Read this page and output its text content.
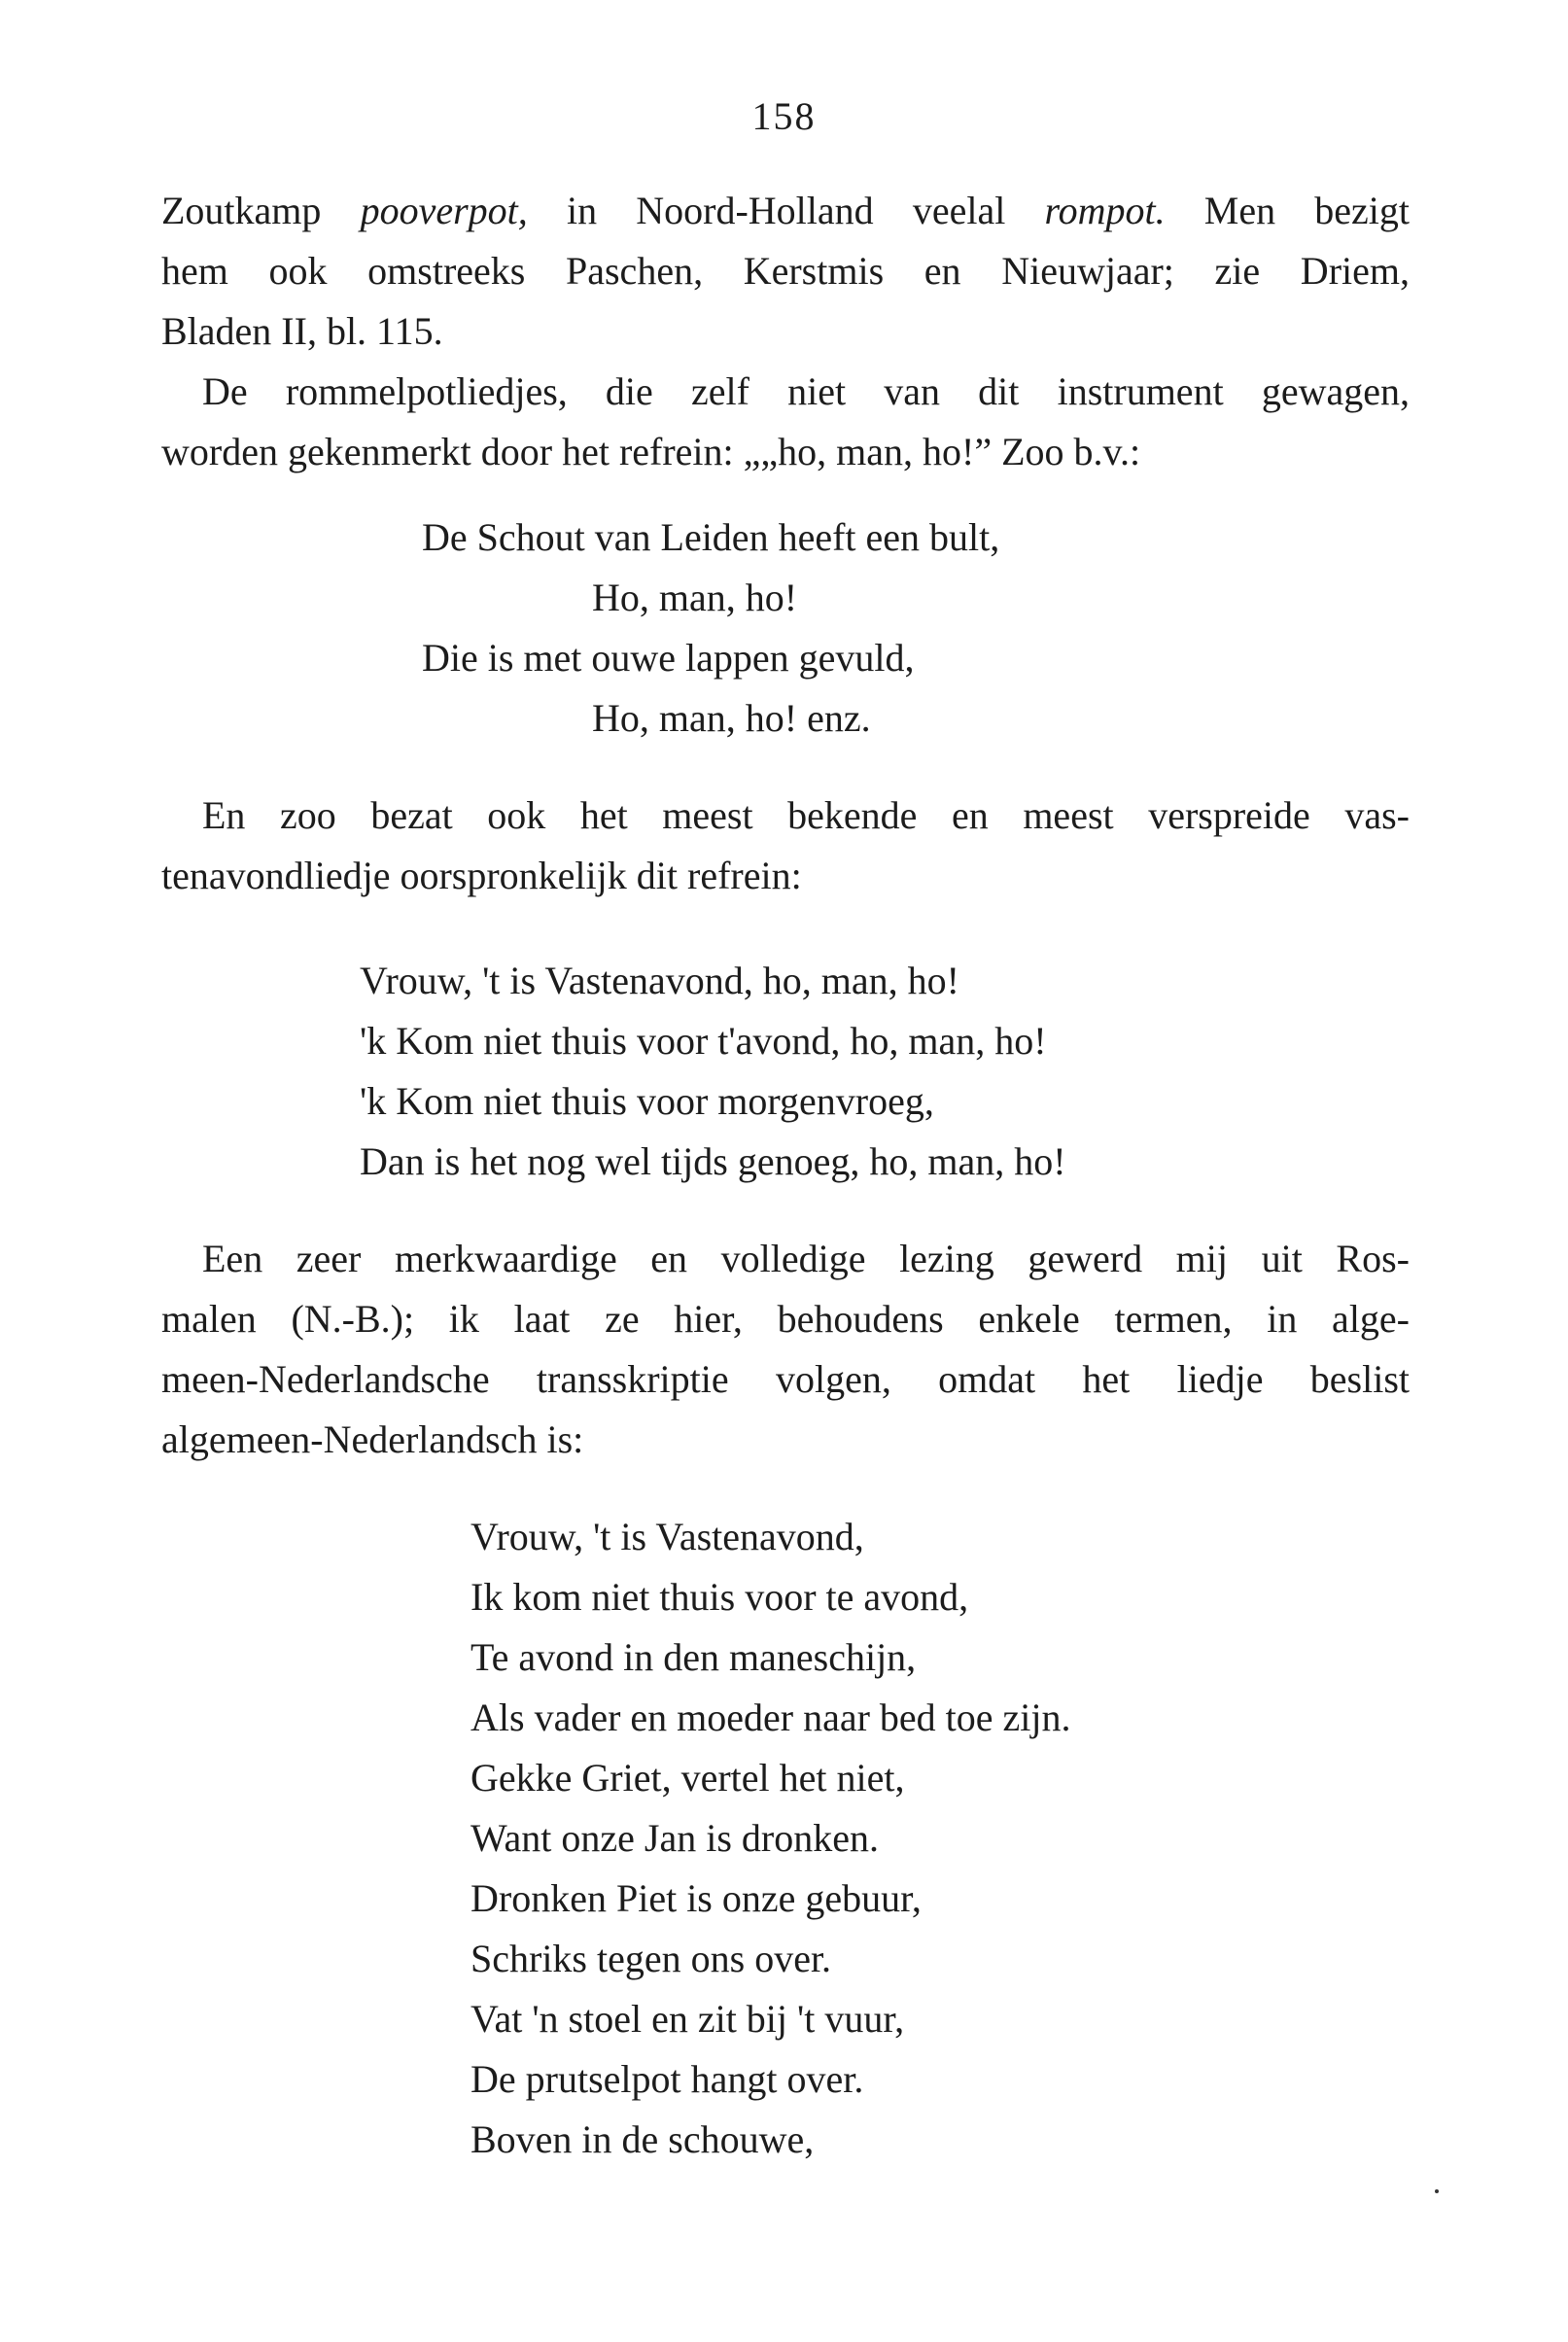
158
Zoutkamp pooverpot, in Noord-Holland veelal rompot. Men bezigt
hem ook omstreeks Paschen, Kerstmis en Nieuwjaar; zie Driem,
Bladen II, bl. 115.
De rommelpotliedjes, die zelf niet van dit instrument gewagen,
worden gekenmerkt door het refrein: „„ho, man, ho!” Zoo b.v.:
De Schout van Leiden heeft een bult,
Ho, man, ho!
Die is met ouwe lappen gevuld,
Ho, man, ho! enz.
En zoo bezat ook het meest bekende en meest verspreide vas-
tenavondliedje oorspronkelijk dit refrein:
Vrouw, 't is Vastenavond, ho, man, ho!
'k Kom niet thuis voor t'avond, ho, man, ho!
'k Kom niet thuis voor morgenvroeg,
Dan is het nog wel tijds genoeg, ho, man, ho!
Een zeer merkwaardige en volledige lezing gewerd mij uit Ros-
malen (N.-B.); ik laat ze hier, behoudens enkele termen, in alge-
meen-Nederlandsche transskriptie volgen, omdat het liedje beslist
algemeen-Nederlandsch is:
Vrouw, 't is Vastenavond,
Ik kom niet thuis voor te avond,
Te avond in den maneschijn,
Als vader en moeder naar bed toe zijn.
Gekke Griet, vertel het niet,
Want onze Jan is dronken.
Dronken Piet is onze gebuur,
Schriks tegen ons over.
Vat 'n stoel en zit bij 't vuur,
De prutselpot hangt over.
Boven in de schouwe,
